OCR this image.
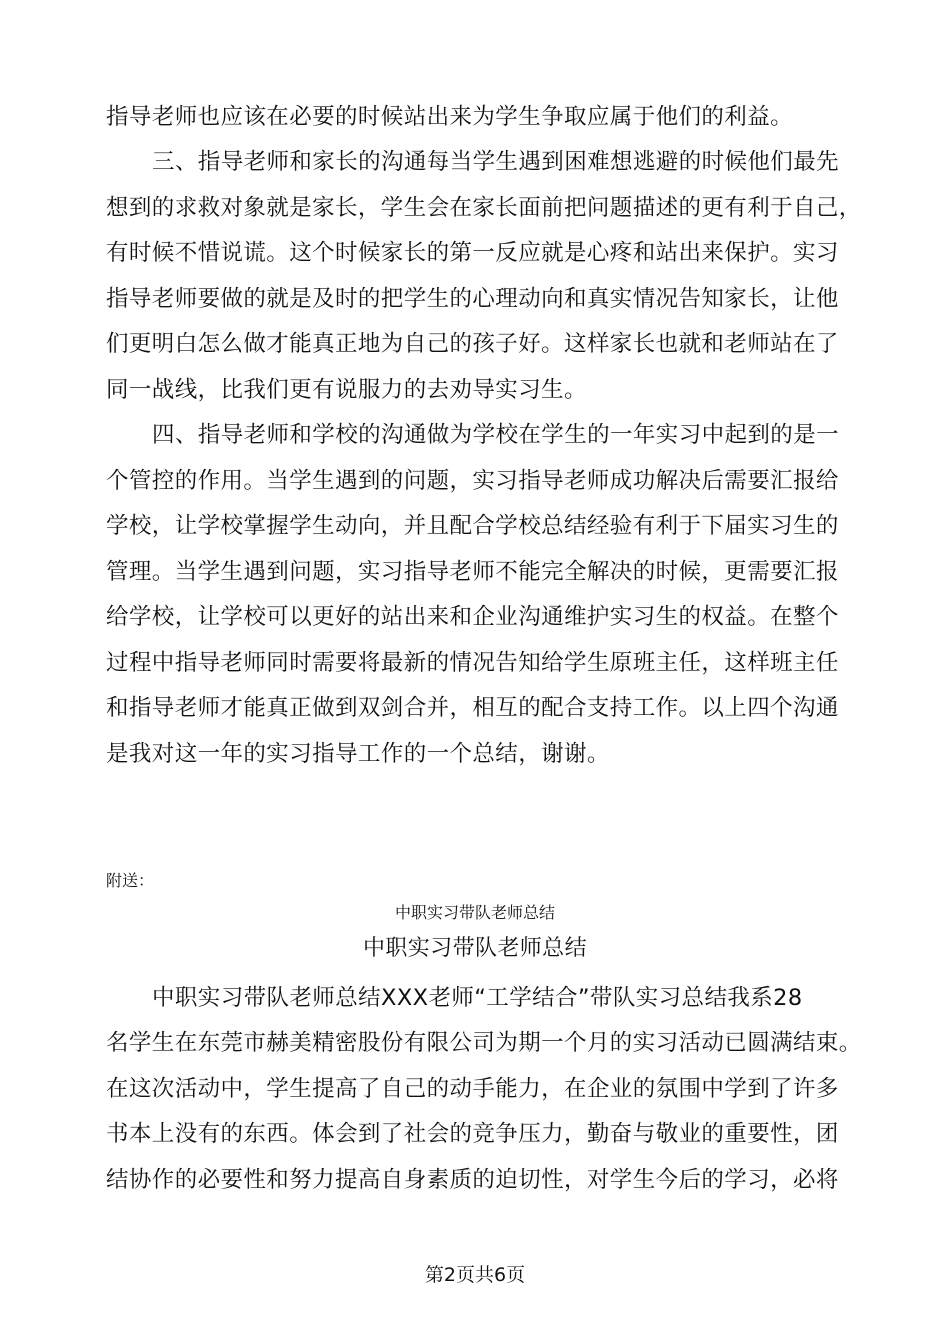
指导老师也应该在必要的时候站出来为学生争取应属于他们的利益。
三、指导老师和家长的沟通每当学生遇到困难想逃避的时候他们最先
想到的求救对象就是家长，学生会在家长面前把问题描述的更有利于自己，
有时候不惜说谎。这个时候家长的第一反应就是心疼和站出来保护。实习
指导老师要做的就是及时的把学生的心理动向和真实情况告知家长，让他
们更明白怎么做才能真正地为自己的孩子好。这样家长也就和老师站在了
同一战线，比我们更有说服力的去劝导实习生。
四、指导老师和学校的沟通做为学校在学生的一年实习中起到的是一
个管控的作用。当学生遇到的问题，实习指导老师成功解决后需要汇报给
学校，让学校掌握学生动向，并且配合学校总结经验有利于下届实习生的
管理。当学生遇到问题，实习指导老师不能完全解决的时候，更需要汇报
给学校，让学校可以更好的站出来和企业沟通维护实习生的权益。在整个
过程中指导老师同时需要将最新的情况告知给学生原班主任，这样班主任
和指导老师才能真正做到双剑合并，相互的配合支持工作。以上四个沟通
是我对这一年的实习指导工作的一个总结，谢谢。
附送：
中职实习带队老师总结
中职实习带队老师总结
中职实习带队老师总结XXX老师“工学结合”带队实习总结我系28
名学生在东莞市赫美精密股份有限公司为期一个月的实习活动已圆满结束。
在这次活动中，学生提高了自己的动手能力，在企业的氛围中学到了许多
书本上没有的东西。体会到了社会的竞争压力，勤奋与敬业的重要性，团
结协作的必要性和努力提高自身素质的迫切性，对学生今后的学习，必将
第2页共6页
